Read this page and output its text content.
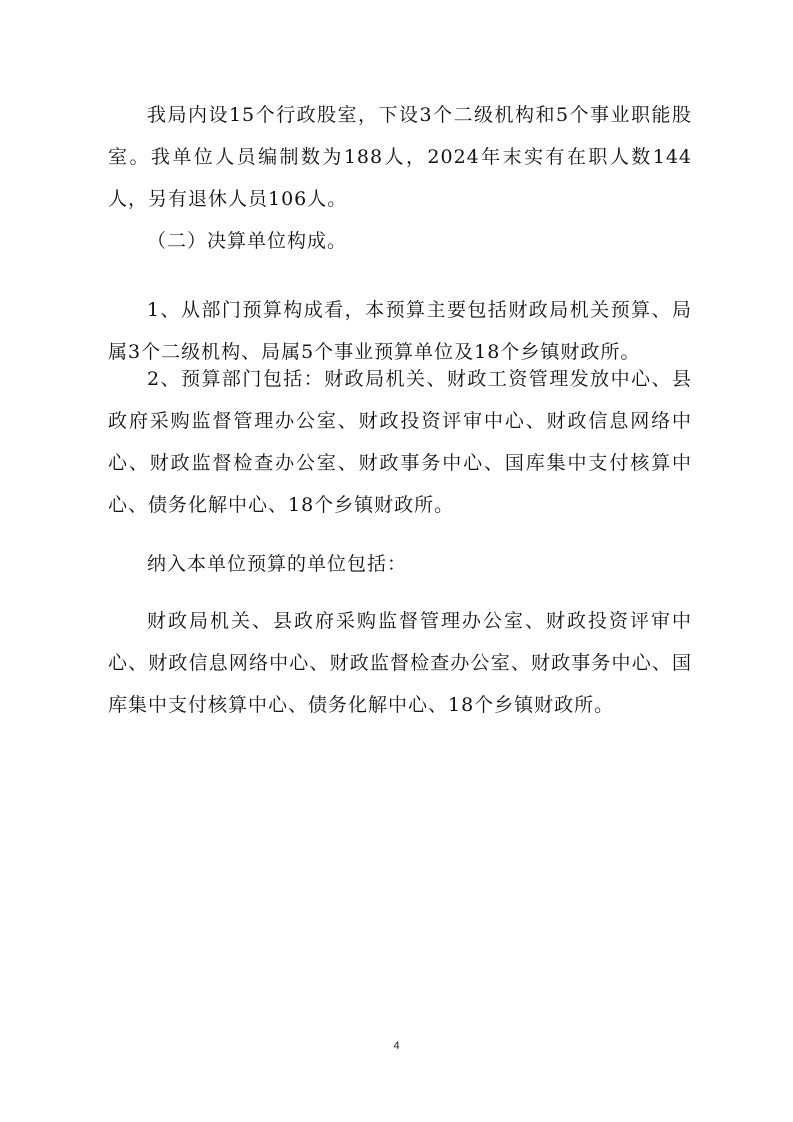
我局内设15个行政股室，下设3个二级机构和5个事业职能股室。我单位人员编制数为188人，2024年末实有在职人数144人，另有退休人员106人。

（二）决算单位构成。

1、从部门预算构成看，本预算主要包括财政局机关预算、局属3个二级机构、局属5个事业预算单位及18个乡镇财政所。

2、预算部门包括：财政局机关、财政工资管理发放中心、县政府采购监督管理办公室、财政投资评审中心、财政信息网络中心、财政监督检查办公室、财政事务中心、国库集中支付核算中心、债务化解中心、18个乡镇财政所。

纳入本单位预算的单位包括：

财政局机关、县政府采购监督管理办公室、财政投资评审中心、财政信息网络中心、财政监督检查办公室、财政事务中心、国库集中支付核算中心、债务化解中心、18个乡镇财政所。

4
